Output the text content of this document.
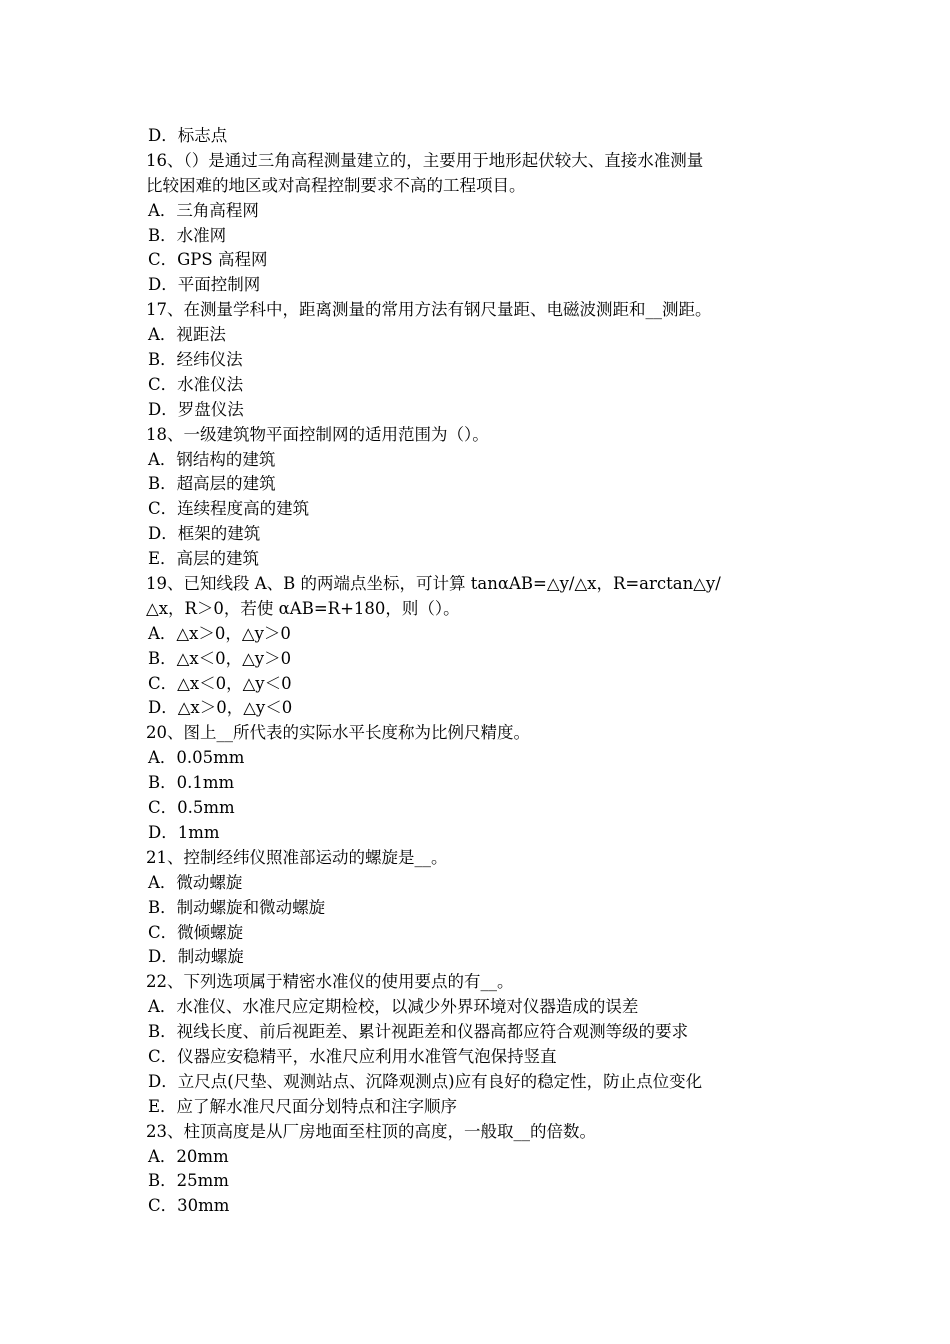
D．标志点
16、（）是通过三角高程测量建立的，主要用于地形起伏较大、直接水准测量
比较困难的地区或对高程控制要求不高的工程项目。
A．三角高程网
B．水准网
C．GPS 高程网
D．平面控制网
17、在测量学科中，距离测量的常用方法有钢尺量距、电磁波测距和__测距。
A．视距法
B．经纬仪法
C．水准仪法
D．罗盘仪法
18、一级建筑物平面控制网的适用范围为（）。
A．钢结构的建筑
B．超高层的建筑
C．连续程度高的建筑
D．框架的建筑
E．高层的建筑
19、已知线段 A、B 的两端点坐标，可计算 tanαAB=△y/△x，R=arctan△y/
△x，R＞0，若使 αAB=R+180，则（）。
A．△x＞0，△y＞0
B．△x＜0，△y＞0
C．△x＜0，△y＜0
D．△x＞0，△y＜0
20、图上__所代表的实际水平长度称为比例尺精度。
A．0.05mm
B．0.1mm
C．0.5mm
D．1mm
21、控制经纬仪照准部运动的螺旋是__。
A．微动螺旋
B．制动螺旋和微动螺旋
C．微倾螺旋
D．制动螺旋
22、下列选项属于精密水准仪的使用要点的有__。
A．水准仪、水准尺应定期检校，以减少外界环境对仪器造成的误差
B．视线长度、前后视距差、累计视距差和仪器高都应符合观测等级的要求
C．仪器应安稳精平，水准尺应利用水准管气泡保持竖直
D．立尺点(尺垫、观测站点、沉降观测点)应有良好的稳定性，防止点位变化
E．应了解水准尺尺面分划特点和注字顺序
23、柱顶高度是从厂房地面至柱顶的高度，一般取__的倍数。
A．20mm
B．25mm
C．30mm
